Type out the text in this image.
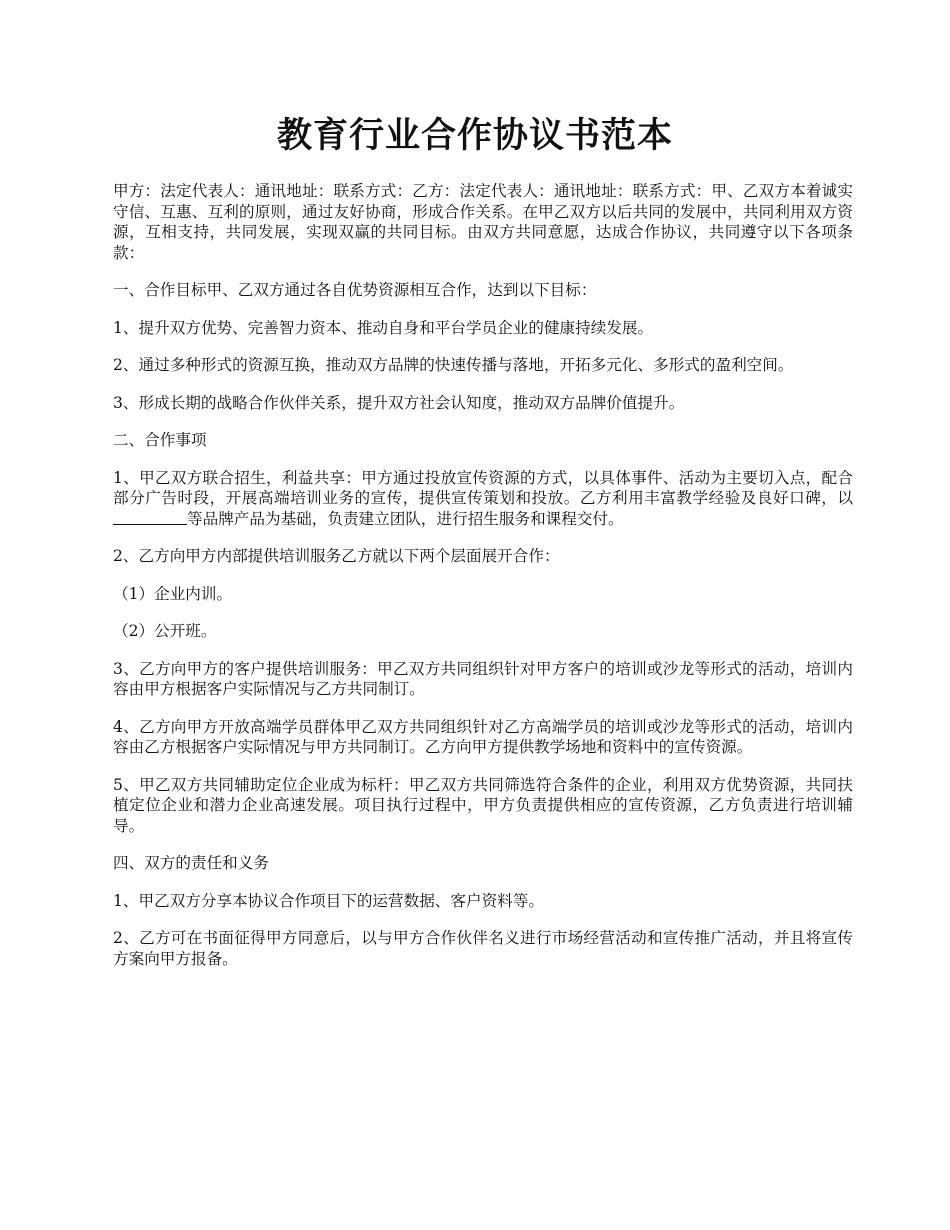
教育行业合作协议书范本

甲方：法定代表人：通讯地址：联系方式：乙方：法定代表人：通讯地址：联系方式：甲、乙双方本着诚实守信、互惠、互利的原则，通过友好协商，形成合作关系。在甲乙双方以后共同的发展中，共同利用双方资源，互相支持，共同发展，实现双赢的共同目标。由双方共同意愿，达成合作协议，共同遵守以下各项条款：

一、合作目标甲、乙双方通过各自优势资源相互合作，达到以下目标：

1、提升双方优势、完善智力资本、推动自身和平台学员企业的健康持续发展。

2、通过多种形式的资源互换，推动双方品牌的快速传播与落地，开拓多元化、多形式的盈利空间。

3、形成长期的战略合作伙伴关系，提升双方社会认知度，推动双方品牌价值提升。

二、合作事项

1、甲乙双方联合招生，利益共享：甲方通过投放宣传资源的方式，以具体事件、活动为主要切入点，配合部分广告时段，开展高端培训业务的宣传，提供宣传策划和投放。乙方利用丰富教学经验及良好口碑，以等品牌产品为基础，负责建立团队，进行招生服务和课程交付。

2、乙方向甲方内部提供培训服务乙方就以下两个层面展开合作：

（1）企业内训。

（2）公开班。

3、乙方向甲方的客户提供培训服务：甲乙双方共同组织针对甲方客户的培训或沙龙等形式的活动，培训内容由甲方根据客户实际情况与乙方共同制订。

4、乙方向甲方开放高端学员群体甲乙双方共同组织针对乙方高端学员的培训或沙龙等形式的活动，培训内容由乙方根据客户实际情况与甲方共同制订。乙方向甲方提供教学场地和资料中的宣传资源。

5、甲乙双方共同辅助定位企业成为标杆：甲乙双方共同筛选符合条件的企业，利用双方优势资源，共同扶植定位企业和潜力企业高速发展。项目执行过程中，甲方负责提供相应的宣传资源，乙方负责进行培训辅导。

四、双方的责任和义务

1、甲乙双方分享本协议合作项目下的运营数据、客户资料等。

2、乙方可在书面征得甲方同意后，以与甲方合作伙伴名义进行市场经营活动和宣传推广活动，并且将宣传方案向甲方报备。
